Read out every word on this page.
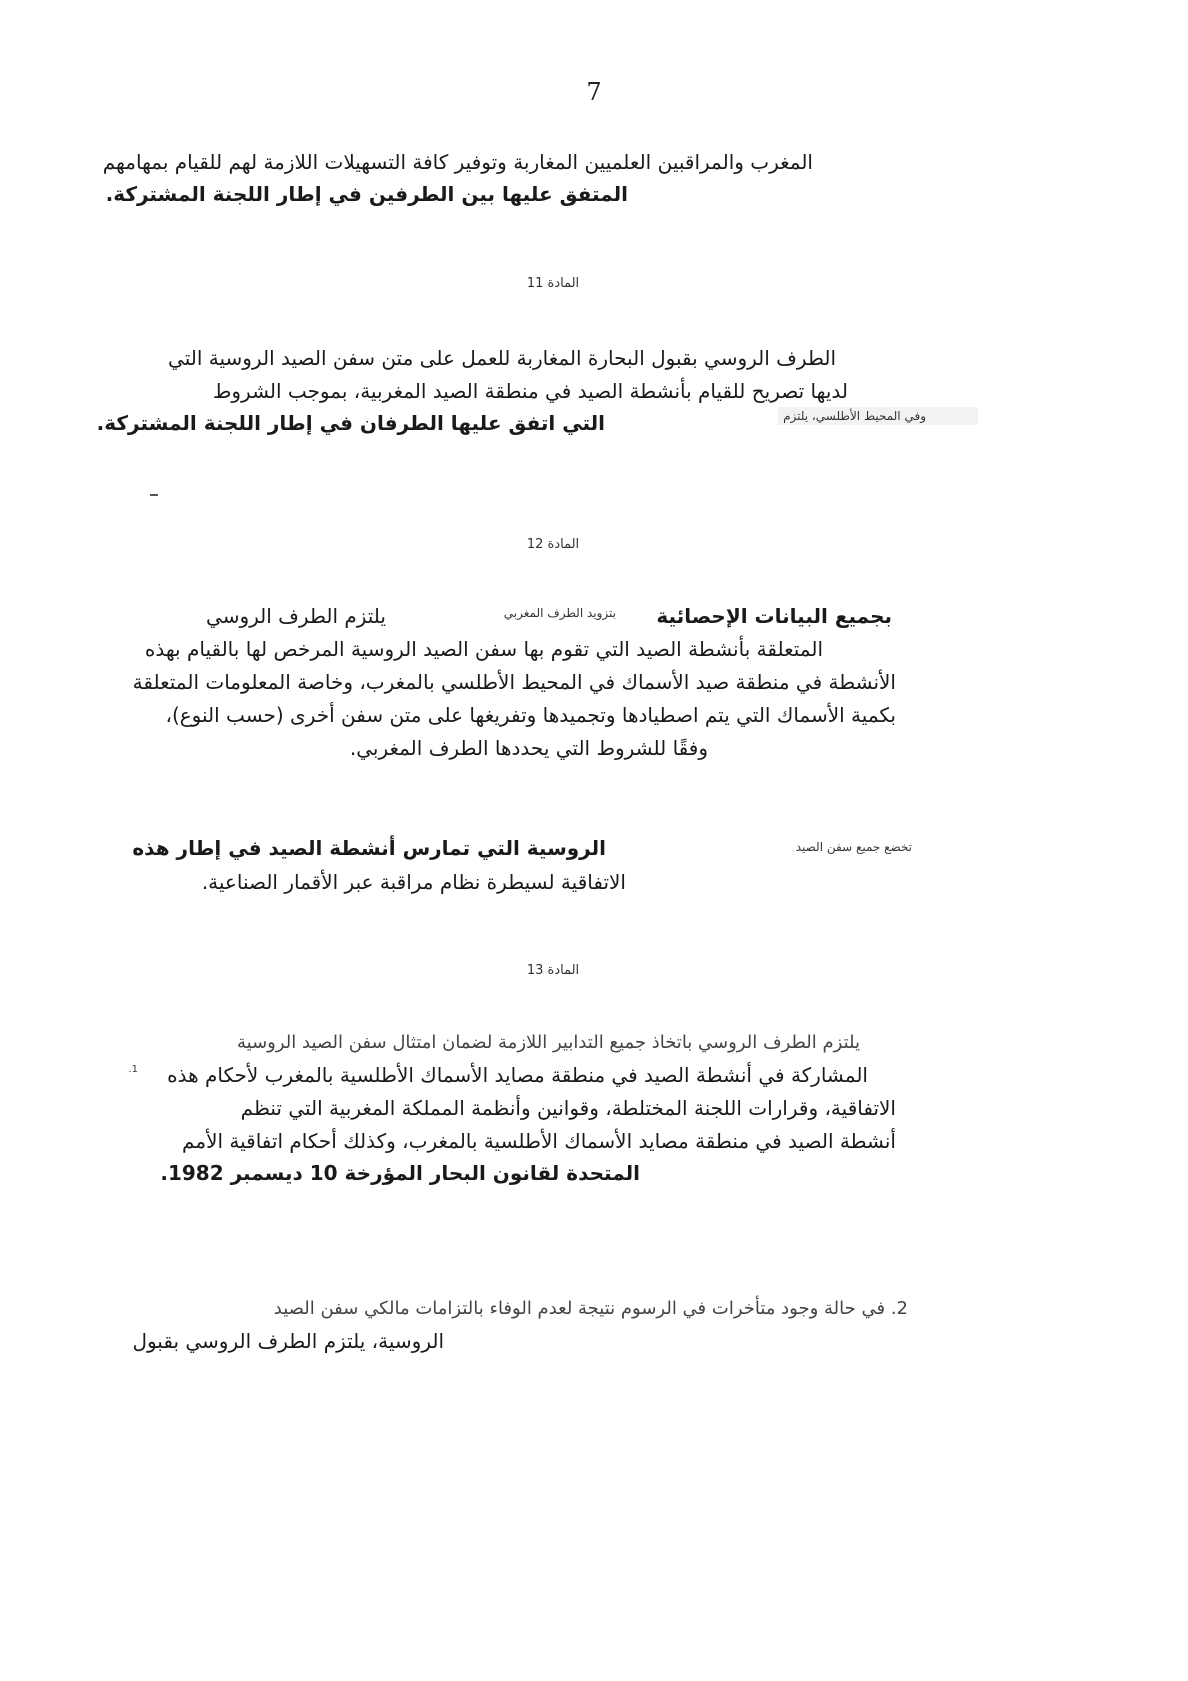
7
المغرب والمراقبين العلميين المغاربة وتوفير كافة التسهيلات اللازمة لهم للقيام بمهامهم
المتفق عليها بين الطرفين في إطار اللجنة المشتركة.
المادة 11
الطرف الروسي بقبول البحارة المغاربة للعمل على متن سفن الصيد الروسية التي
لديها تصريح للقيام بأنشطة الصيد في منطقة الصيد المغربية، بموجب الشروط
وفي المحيط الأطلسي، يلتزم
التي اتفق عليها الطرفان في إطار اللجنة المشتركة.
المادة 12
بجميع البيانات الإحصائية
بتزويد الطرف المغربي
يلتزم الطرف الروسي
المتعلقة بأنشطة الصيد التي تقوم بها سفن الصيد الروسية المرخص لها بالقيام بهذه
الأنشطة في منطقة صيد الأسماك في المحيط الأطلسي بالمغرب، وخاصة المعلومات المتعلقة
بكمية الأسماك التي يتم اصطيادها وتجميدها وتفريغها على متن سفن أخرى (حسب النوع)،
وفقًا للشروط التي يحددها الطرف المغربي.
تخضع جميع سفن الصيد
الروسية التي تمارس أنشطة الصيد في إطار هذه
الاتفاقية لسيطرة نظام مراقبة عبر الأقمار الصناعية.
المادة 13
يلتزم الطرف الروسي باتخاذ جميع التدابير اللازمة لضمان امتثال سفن الصيد الروسية
1. المشاركة في أنشطة الصيد في منطقة مصايد الأسماك الأطلسية بالمغرب لأحكام هذه
الاتفاقية، وقرارات اللجنة المختلطة، وقوانين وأنظمة المملكة المغربية التي تنظم
أنشطة الصيد في منطقة مصايد الأسماك الأطلسية بالمغرب، وكذلك أحكام اتفاقية الأمم
المتحدة لقانون البحار المؤرخة 10 ديسمبر 1982.
2. في حالة وجود متأخرات في الرسوم نتيجة لعدم الوفاء بالتزامات مالكي سفن الصيد
الروسية، يلتزم الطرف الروسي بقبول
